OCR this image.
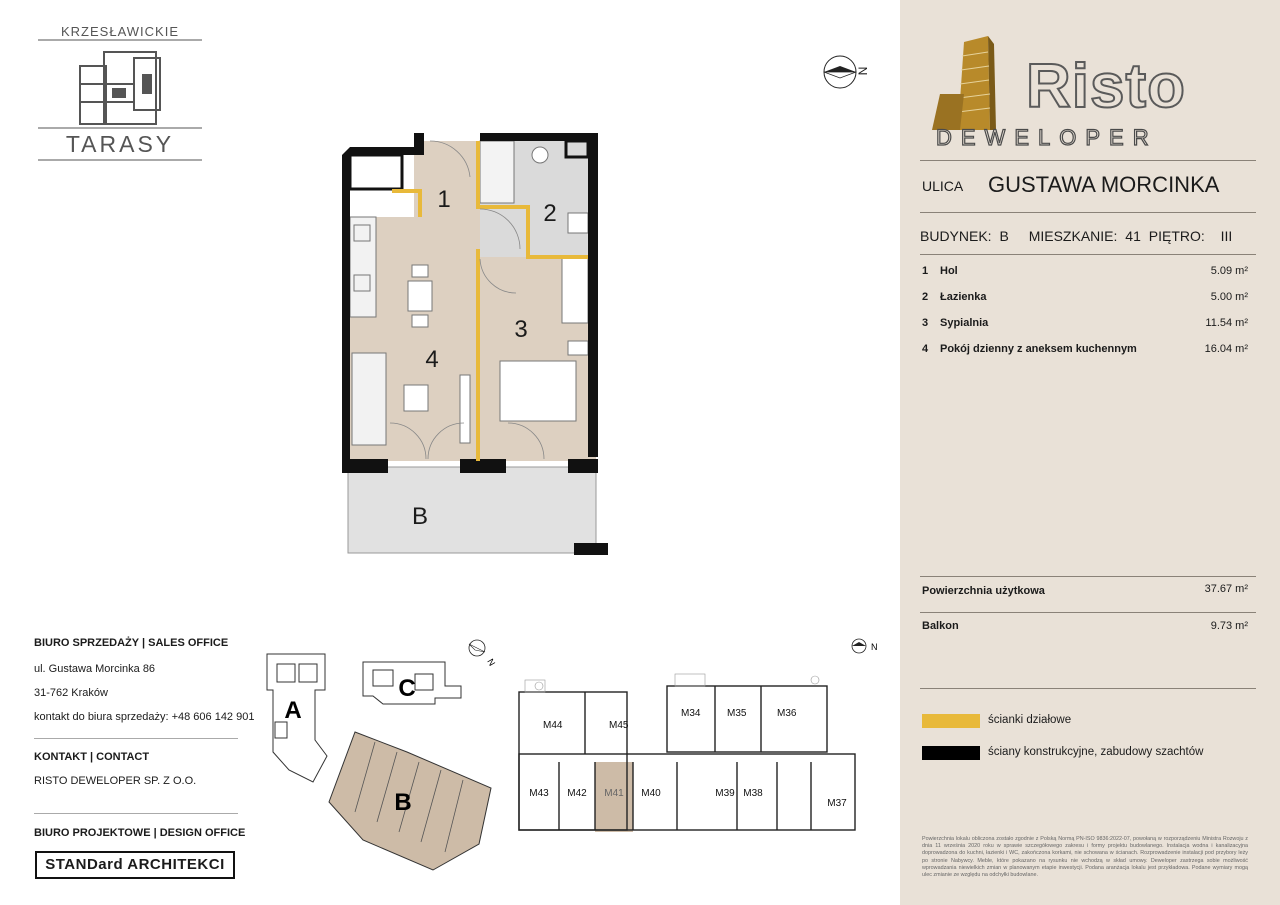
KRZESŁAWICKIE
TARASY
N
1
2
3
4
B
Risto
DEWELOPER
ULICA GUSTAWA MORCINKA
BUDYNEK: B MIESZKANIE: 41 PIĘTRO: III
1 Hol	5.09 m²
2 Łazienka	5.00 m²
3 Sypialnia	11.54 m²
4 Pokój dzienny z aneksem kuchennym	16.04 m²
Powierzchnia użytkowa	37.67 m²
Balkon	9.73 m²
ścianki działowe
ściany konstrukcyjne, zabudowy szachtów
Powierzchnia lokalu obliczona zostało zgodnie z Polską Normą PN-ISO 9836:2022-07, powołaną w rozporządzeniu Ministra Rozwoju z dnia 11 września 2020 roku w sprawie szczegółowego zakresu i formy projektu budowlanego. Instalacja wodna i kanalizacyjna doprowadzona do kuchni, łazienki i WC, zakończona korkami, nie schowana w ścianach. Rozprowadzenie instalacji pod przybory leży po stronie Nabywcy. Meble, które pokazano na rysunku nie wchodzą w skład umowy. Deweloper zastrzega sobie możliwość wprowadzania niewielkich zmian w planowanym etapie inwestycji. Podana aranżacja lokalu jest przykładowa. Podane wymiary mogą ulec zmianie ze względu na odchyłki budowlane.
BIURO SPRZEDAŻY | SALES OFFICE
ul. Gustawa Morcinka 86
31-762 Kraków
kontakt do biura sprzedaży: +48 606 142 901
KONTAKT | CONTACT
RISTO DEWELOPER SP. Z O.O.
BIURO PROJEKTOWE | DESIGN OFFICE
STANDard ARCHITEKCI
N
A
C
B
N
M44	M45
M34	M35	M36
M43 M42 M41 M40	M39 M38
M37
